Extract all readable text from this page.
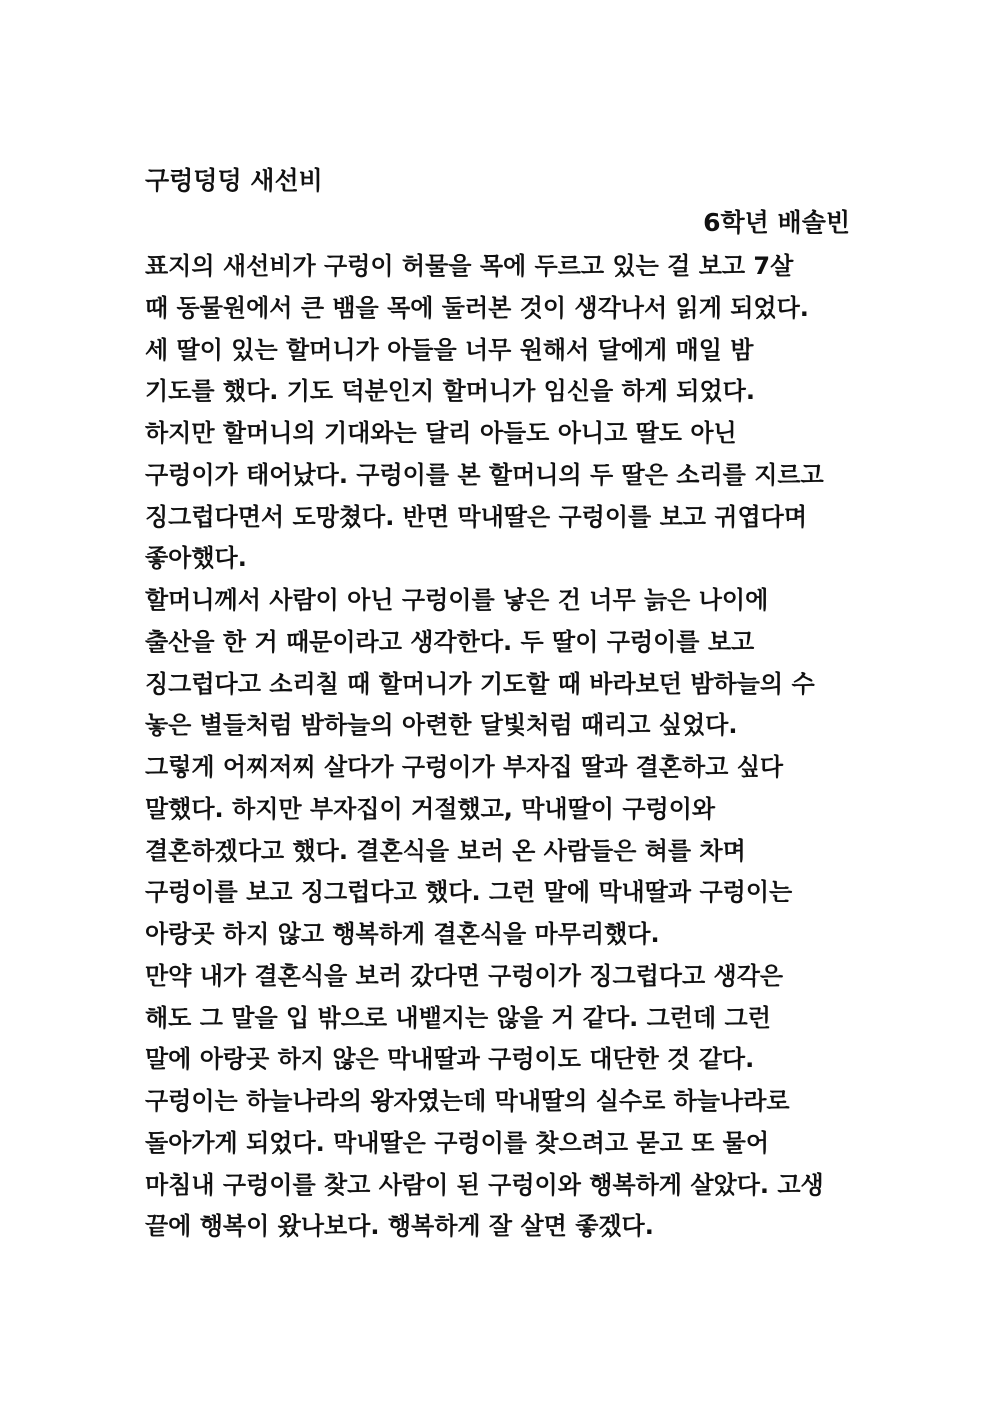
구렁덩덩 새선비
6학년 배솔빈
표지의 새선비가 구렁이 허물을 목에 두르고 있는 걸 보고 7살
때 동물원에서 큰 뱀을 목에 둘러본 것이 생각나서 읽게 되었다.
세 딸이 있는 할머니가 아들을 너무 원해서 달에게 매일 밤
기도를 했다. 기도 덕분인지 할머니가 임신을 하게 되었다.
하지만 할머니의 기대와는 달리 아들도 아니고 딸도 아닌
구렁이가 태어났다. 구렁이를 본 할머니의 두 딸은 소리를 지르고
징그럽다면서 도망쳤다. 반면 막내딸은 구렁이를 보고 귀엽다며
좋아했다.
할머니께서 사람이 아닌 구렁이를 낳은 건 너무 늙은 나이에
출산을 한 거 때문이라고 생각한다. 두 딸이 구렁이를 보고
징그럽다고 소리칠 때 할머니가 기도할 때 바라보던 밤하늘의 수
놓은 별들처럼 밤하늘의 아련한 달빛처럼 때리고 싶었다.
그렇게 어찌저찌 살다가 구렁이가 부자집 딸과 결혼하고 싶다
말했다. 하지만 부자집이 거절했고, 막내딸이 구렁이와
결혼하겠다고 했다. 결혼식을 보러 온 사람들은 혀를 차며
구렁이를 보고 징그럽다고 했다. 그런 말에 막내딸과 구렁이는
아랑곳 하지 않고 행복하게 결혼식을 마무리했다.
만약 내가 결혼식을 보러 갔다면 구렁이가 징그럽다고 생각은
해도 그 말을 입 밖으로 내뱉지는 않을 거 같다. 그런데 그런
말에 아랑곳 하지 않은 막내딸과 구렁이도 대단한 것 같다.
구렁이는 하늘나라의 왕자였는데 막내딸의 실수로 하늘나라로
돌아가게 되었다. 막내딸은 구렁이를 찾으려고 묻고 또 물어
마침내 구렁이를 찾고 사람이 된 구렁이와 행복하게 살았다. 고생
끝에 행복이 왔나보다. 행복하게 잘 살면 좋겠다.
